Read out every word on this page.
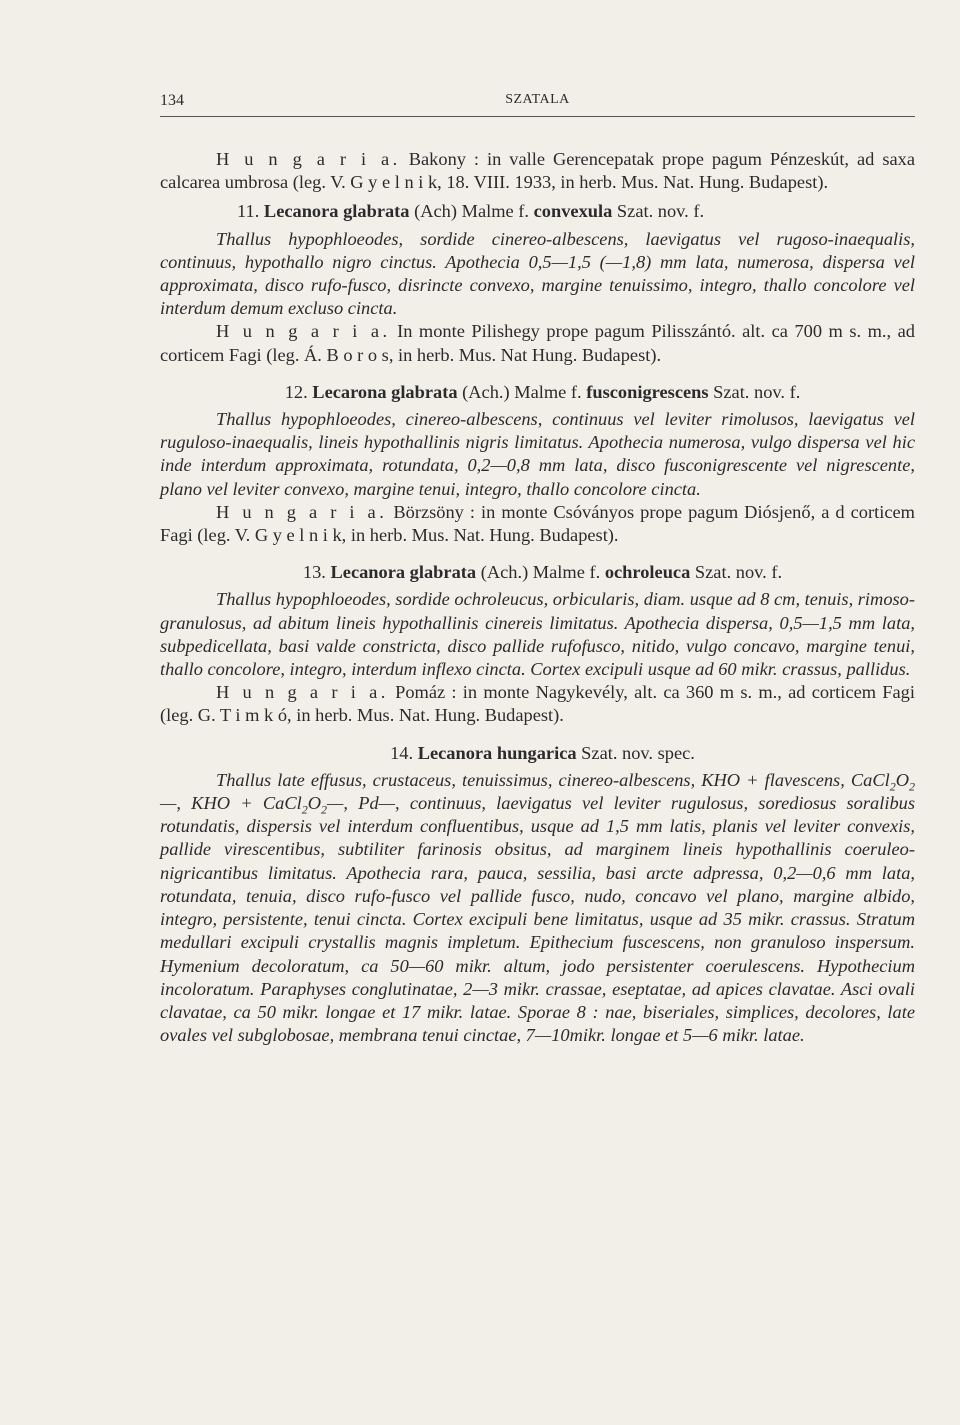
134	SZATALA

H u n g a r i a. Bakony : in valle Gerencepatak prope pagum Pénzeskút, ad saxa calcarea umbrosa (leg. V. G y e l n i k, 18. VIII. 1933, in herb. Mus. Nat. Hung. Budapest).

11. Lecanora glabrata (Ach) Malme f. convexula Szat. nov. f.

Thallus hypophloeodes, sordide cinereo-albescens, laevigatus vel rugoso-inaequalis, continuus, hypothallo nigro cinctus. Apothecia 0,5—1,5 (—1,8) mm lata, numerosa, dispersa vel approximata, disco rufo-fusco, disrincte convexo, margine tenuissimo, integro, thallo concolore vel interdum demum excluso cincta.

H u n g a r i a. In monte Pilishegy prope pagum Pilisszántó. alt. ca 700 m s. m., ad corticem Fagi (leg. Á. B o r o s, in herb. Mus. Nat Hung. Budapest).

12. Lecarona glabrata (Ach.) Malme f. fusconigrescens Szat. nov. f.

Thallus hypophloeodes, cinereo-albescens, continuus vel leviter rimolusos, laevigatus vel ruguloso-inaequalis, lineis hypothallinis nigris limitatus. Apothecia numerosa, vulgo dispersa vel hic inde interdum approximata, rotundata, 0,2—0,8 mm lata, disco fusconigrescente vel nigrescente, plano vel leviter convexo, margine tenui, integro, thallo concolore cincta.

H u n g a r i a. Börzsöny : in monte Csóványos prope pagum Diósjenő, a d corticem Fagi (leg. V. G y e l n i k, in herb. Mus. Nat. Hung. Budapest).

13. Lecanora glabrata (Ach.) Malme f. ochroleuca Szat. nov. f.

Thallus hypophloeodes, sordide ochroleucus, orbicularis, diam. usque ad 8 cm, tenuis, rimoso-granulosus, ad abitum lineis hypothallinis cinereis limitatus. Apothecia dispersa, 0,5—1,5 mm lata, subpedicellata, basi valde constricta, disco pallide rufofusco, nitido, vulgo concavo, margine tenui, thallo concolore, integro, interdum inflexo cincta. Cortex excipuli usque ad 60 mikr. crassus, pallidus.

H u n g a r i a. Pomáz : in monte Nagykevély, alt. ca 360 m s. m., ad corticem Fagi (leg. G. T i m k ó, in herb. Mus. Nat. Hung. Budapest).

14. Lecanora hungarica Szat. nov. spec.

Thallus late effusus, crustaceus, tenuissimus, cinereo-albescens, KHO + flavescens, $CaCl_2O_2—$, KHO + $CaCl_2O_2—$, Pd—, continuus, laevigatus vel leviter rugulosus, sorediosus soralibus rotundatis, dispersis vel interdum confluentibus, usque ad 1,5 mm latis, planis vel leviter convexis, pallide virescentibus, subtiliter farinosis obsitus, ad marginem lineis hypothallinis coeruleo-nigricantibus limitatus. Apothecia rara, pauca, sessilia, basi arcte adpressa, 0,2—0,6 mm lata, rotundata, tenuia, disco rufo-fusco vel pallide fusco, nudo, concavo vel plano, margine albido, integro, persistente, tenui cincta. Cortex excipuli bene limitatus, usque ad 35 mikr. crassus. Stratum medullari excipuli crystallis magnis impletum. Epithecium fuscescens, non granuloso inspersum. Hymenium decoloratum, ca 50—60 mikr. altum, jodo persistenter coerulescens. Hypothecium incoloratum. Paraphyses conglutinatae, 2—3 mikr. crassae, eseptatae, ad apices clavatae. Asci ovali clavatae, ca 50 mikr. longae et 17 mikr. latae. Sporae 8 : nae, biseriales, simplices, decolores, late ovales vel subglobosae, membrana tenui cinctae, 7—10mikr. longae et 5—6 mikr. latae.
